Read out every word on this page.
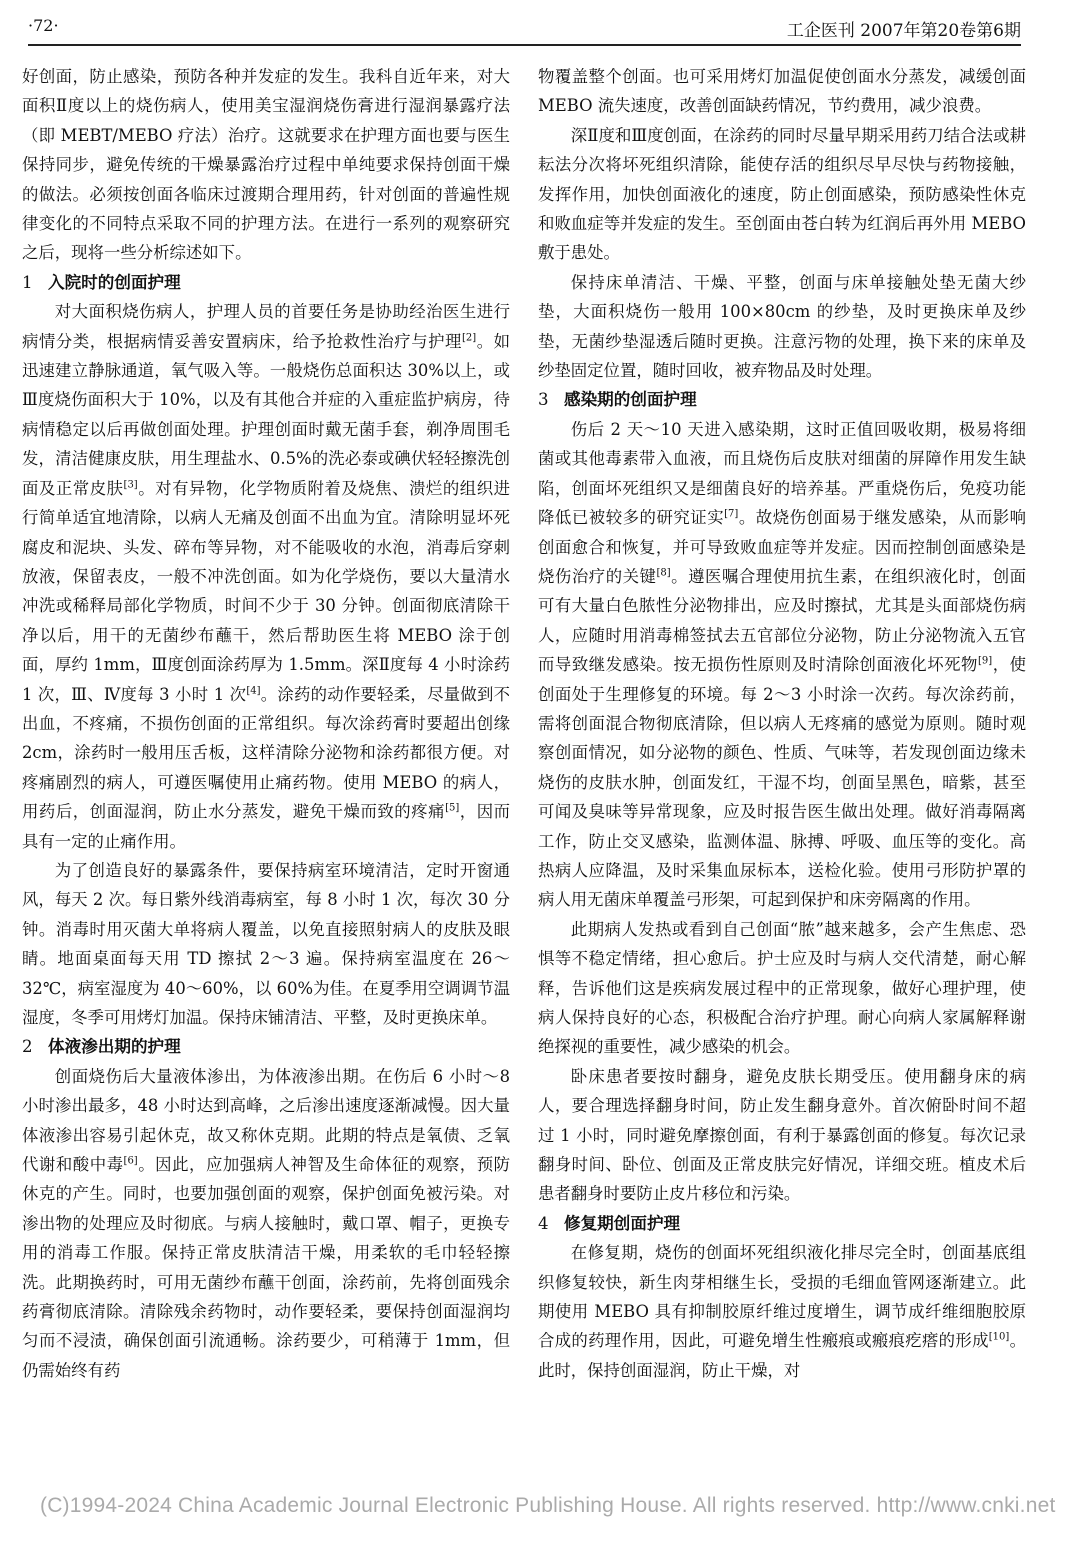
·72·	工企医刊 2007年第20卷第6期

好创面，防止感染，预防各种并发症的发生。我科自近年来，对大面积Ⅱ度以上的烧伤病人，使用美宝湿润烧伤膏进行湿润暴露疗法（即 MEBT/MEBO 疗法）治疗。这就要求在护理方面也要与医生保持同步，避免传统的干燥暴露治疗过程中单纯要求保持创面干燥的做法。必须按创面各临床过渡期合理用药，针对创面的普遍性规律变化的不同特点采取不同的护理方法。在进行一系列的观察研究之后，现将一些分析综述如下。

1 入院时的创面护理

对大面积烧伤病人，护理人员的首要任务是协助经治医生进行病情分类，根据病情妥善安置病床，给予抢救性治疗与护理[2]。如迅速建立静脉通道，氧气吸入等。一般烧伤总面积达 30%以上，或Ⅲ度烧伤面积大于 10%，以及有其他合并症的入重症监护病房，待病情稳定以后再做创面处理。护理创面时戴无菌手套，剃净周围毛发，清洁健康皮肤，用生理盐水、0.5%的洗必泰或碘伏轻轻擦洗创面及正常皮肤[3]。对有异物，化学物质附着及烧焦、溃烂的组织进行简单适宜地清除，以病人无痛及创面不出血为宜。清除明显坏死腐皮和泥块、头发、碎布等异物，对不能吸收的水泡，消毒后穿刺放液，保留表皮，一般不冲洗创面。如为化学烧伤，要以大量清水冲洗或稀释局部化学物质，时间不少于 30 分钟。创面彻底清除干净以后，用干的无菌纱布蘸干，然后帮助医生将 MEBO 涂于创面，厚约 1mm，Ⅲ度创面涂药厚为 1.5mm。深Ⅱ度每 4 小时涂药 1 次，Ⅲ、Ⅳ度每 3 小时 1 次[4]。涂药的动作要轻柔，尽量做到不出血，不疼痛，不损伤创面的正常组织。每次涂药膏时要超出创缘 2cm，涂药时一般用压舌板，这样清除分泌物和涂药都很方便。对疼痛剧烈的病人，可遵医嘱使用止痛药物。使用 MEBO 的病人，用药后，创面湿润，防止水分蒸发，避免干燥而致的疼痛[5]，因而具有一定的止痛作用。

为了创造良好的暴露条件，要保持病室环境清洁，定时开窗通风，每天 2 次。每日紫外线消毒病室，每 8 小时 1 次，每次 30 分钟。消毒时用灭菌大单将病人覆盖，以免直接照射病人的皮肤及眼睛。地面桌面每天用 TD 擦拭 2～3 遍。保持病室温度在 26～32℃，病室湿度为 40～60%，以 60%为佳。在夏季用空调调节温湿度，冬季可用烤灯加温。保持床铺清洁、平整，及时更换床单。

2 体液渗出期的护理

创面烧伤后大量液体渗出，为体液渗出期。在伤后 6 小时～8 小时渗出最多，48 小时达到高峰，之后渗出速度逐渐减慢。因大量体液渗出容易引起休克，故又称休克期。此期的特点是氧债、乏氧代谢和酸中毒[6]。因此，应加强病人神智及生命体征的观察，预防休克的产生。同时，也要加强创面的观察，保护创面免被污染。对渗出物的处理应及时彻底。与病人接触时，戴口罩、帽子，更换专用的消毒工作服。保持正常皮肤清洁干燥，用柔软的毛巾轻轻擦洗。此期换药时，可用无菌纱布蘸干创面，涂药前，先将创面残余药膏彻底清除。清除残余药物时，动作要轻柔，要保持创面湿润均匀而不浸渍，确保创面引流通畅。涂药要少，可稍薄于 1mm，但仍需始终有药

物覆盖整个创面。也可采用烤灯加温促使创面水分蒸发，减缓创面 MEBO 流失速度，改善创面缺药情况，节约费用，减少浪费。

深Ⅱ度和Ⅲ度创面，在涂药的同时尽量早期采用药刀结合法或耕耘法分次将坏死组织清除，能使存活的组织尽早尽快与药物接触，发挥作用，加快创面液化的速度，防止创面感染，预防感染性休克和败血症等并发症的发生。至创面由苍白转为红润后再外用 MEBO 敷于患处。

保持床单清洁、干燥、平整，创面与床单接触处垫无菌大纱垫，大面积烧伤一般用 100×80cm 的纱垫，及时更换床单及纱垫，无菌纱垫湿透后随时更换。注意污物的处理，换下来的床单及纱垫固定位置，随时回收，被弃物品及时处理。

3 感染期的创面护理

伤后 2 天～10 天进入感染期，这时正值回吸收期，极易将细菌或其他毒素带入血液，而且烧伤后皮肤对细菌的屏障作用发生缺陷，创面坏死组织又是细菌良好的培养基。严重烧伤后，免疫功能降低已被较多的研究证实[7]。故烧伤创面易于继发感染，从而影响创面愈合和恢复，并可导致败血症等并发症。因而控制创面感染是烧伤治疗的关键[8]。遵医嘱合理使用抗生素，在组织液化时，创面可有大量白色脓性分泌物排出，应及时擦拭，尤其是头面部烧伤病人，应随时用消毒棉签拭去五官部位分泌物，防止分泌物流入五官而导致继发感染。按无损伤性原则及时清除创面液化坏死物[9]，使创面处于生理修复的环境。每 2～3 小时涂一次药。每次涂药前，需将创面混合物彻底清除，但以病人无疼痛的感觉为原则。随时观察创面情况，如分泌物的颜色、性质、气味等，若发现创面边缘未烧伤的皮肤水肿，创面发红，干湿不均，创面呈黑色，暗紫，甚至可闻及臭味等异常现象，应及时报告医生做出处理。做好消毒隔离工作，防止交叉感染，监测体温、脉搏、呼吸、血压等的变化。高热病人应降温，及时采集血尿标本，送检化验。使用弓形防护罩的病人用无菌床单覆盖弓形架，可起到保护和床旁隔离的作用。

此期病人发热或看到自己创面“脓”越来越多，会产生焦虑、恐惧等不稳定情绪，担心愈后。护士应及时与病人交代清楚，耐心解释，告诉他们这是疾病发展过程中的正常现象，做好心理护理，使病人保持良好的心态，积极配合治疗护理。耐心向病人家属解释谢绝探视的重要性，减少感染的机会。

卧床患者要按时翻身，避免皮肤长期受压。使用翻身床的病人，要合理选择翻身时间，防止发生翻身意外。首次俯卧时间不超过 1 小时，同时避免摩擦创面，有利于暴露创面的修复。每次记录翻身时间、卧位、创面及正常皮肤完好情况，详细交班。植皮术后患者翻身时要防止皮片移位和污染。

4 修复期创面护理

在修复期，烧伤的创面坏死组织液化排尽完全时，创面基底组织修复较快，新生肉芽相继生长，受损的毛细血管网逐渐建立。此期使用 MEBO 具有抑制胶原纤维过度增生，调节成纤维细胞胶原合成的药理作用，因此，可避免增生性瘢痕或瘢痕疙瘩的形成[10]。此时，保持创面湿润，防止干燥，对

(C)1994-2024 China Academic Journal Electronic Publishing House. All rights reserved. http://www.cnki.net
